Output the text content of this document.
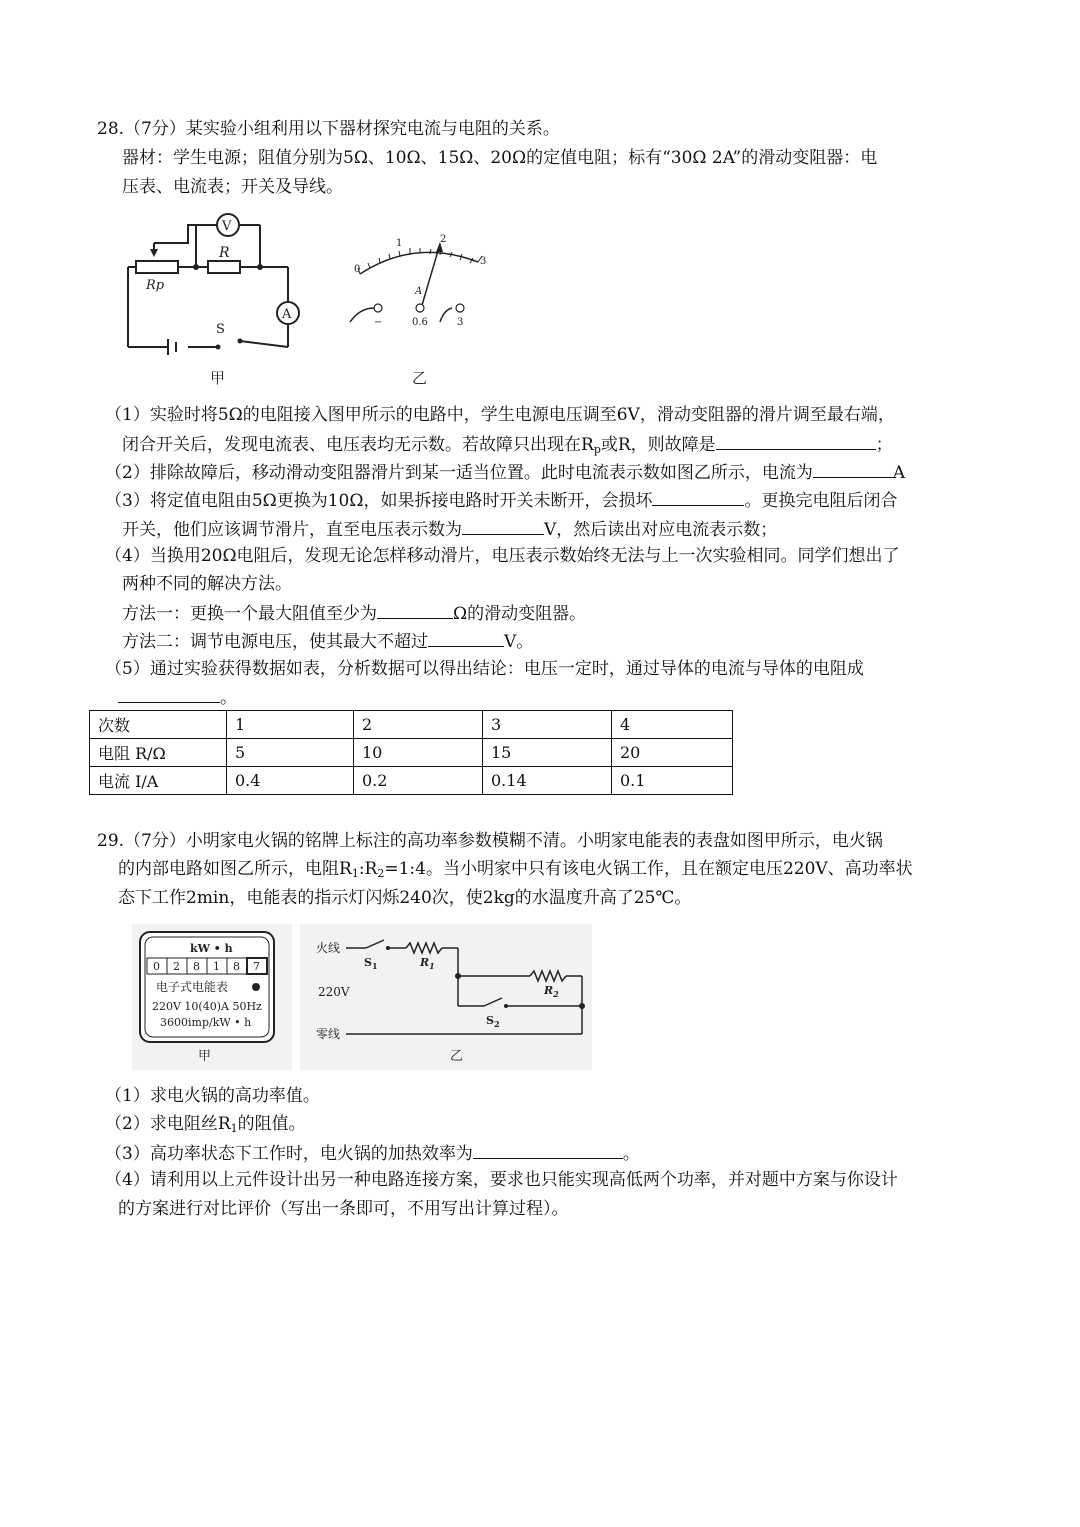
28.（7分）某实验小组利用以下器材探究电流与电阻的关系。
器材：学生电源；阻值分别为5Ω、10Ω、15Ω、20Ω的定值电阻；标有“30Ω 2A”的滑动变阻器：电
压表、电流表；开关及导线。
V
R
Rp
A
S
甲
0
1	2
3
A
−	0.6	3
乙
（1）实验时将5Ω的电阻接入图甲所示的电路中，学生电源电压调至6V，滑动变阻器的滑片调至最右端，
闭合开关后，发现电流表、电压表均无示数。若故障只出现在$R_p$或R，则故障是	；
（2）排除故障后，移动滑动变阻器滑片到某一适当位置。此时电流表示数如图乙所示，电流为	A
（3）将定值电阻由5Ω更换为10Ω，如果拆接电路时开关未断开，会损坏	。更换完电阻后闭合
开关，他们应该调节滑片，直至电压表示数为	V，然后读出对应电流表示数；
（4）当换用20Ω电阻后，发现无论怎样移动滑片，电压表示数始终无法与上一次实验相同。同学们想出了
两种不同的解决方法。
方法一：更换一个最大阻值至少为	Ω的滑动变阻器。
方法二：调节电源电压，使其最大不超过	V。
（5）通过实验获得数据如表，分析数据可以得出结论：电压一定时，通过导体的电流与导体的电阻成
。
次数	1	2	3	4
电阻 R/Ω	5	10	15	20
电流 I/A	0.4	0.2	0.14	0.1
29.（7分）小明家电火锅的铭牌上标注的高功率参数模糊不清。小明家电能表的表盘如图甲所示，电火锅
的内部电路如图乙所示，电阻$R_1:R_2=1:4$。当小明家中只有该电火锅工作，且在额定电压220V、高功率状
态下工作2min，电能表的指示灯闪烁240次，使2kg的水温度升高了25℃。
kW • h
0 2 8 1 8 7
电子式电能表
220V 10(40)A 50Hz
3600imp/kW • h
甲
火线
零线
220V
$S_1$	$R_1$
$R_2$
$S_2$
乙
（1）求电火锅的高功率值。
（2）求电阻丝$R_1$的阻值。
（3）高功率状态下工作时，电火锅的加热效率为	。
（4）请利用以上元件设计出另一种电路连接方案，要求也只能实现高低两个功率，并对题中方案与你设计
的方案进行对比评价（写出一条即可，不用写出计算过程）。
